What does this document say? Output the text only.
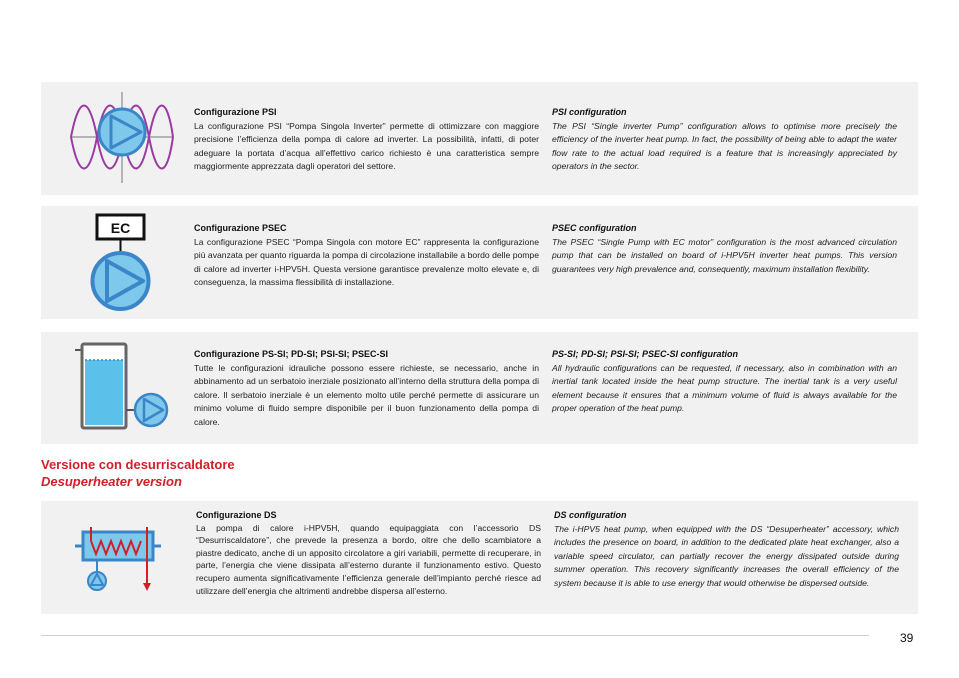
Configurazione PSI
La configurazione PSI “Pompa Singola Inverter” permette di ottimizzare con maggiore precisione l’efficienza della pompa di calore ad inverter. La possibilità, infatti, di poter adeguare la portata d’acqua all’effettivo carico richiesto è una caratteristica sempre maggiormente apprezzata dagli operatori del settore.
PSI configuration
The PSI “Single inverter Pump” configuration allows to optimise more precisely the efficiency of the inverter heat pump. In fact, the possibility of being able to adapt the water flow rate to the actual load required is a feature that is increasingly appreciated by operators in the sector.
EC	Configurazione PSEC
La configurazione PSEC “Pompa Singola con motore EC” rappresenta la configurazione più avanzata per quanto riguarda la pompa di circolazione installabile a bordo delle pompe di calore ad inverter i-HPV5H. Questa versione garantisce prevalenze molto elevate e, di conseguenza, la massima flessibilità di installazione.
PSEC configuration
The PSEC “Single Pump with EC motor” configuration is the most advanced circulation pump that can be installed on board of i-HPV5H inverter heat pumps. This version guarantees very high prevalence and, consequently, maximum installation flexibility.
Configurazione PS-SI; PD-SI; PSI-SI; PSEC-SI
Tutte le configurazioni idrauliche possono essere richieste, se necessario, anche in abbinamento ad un serbatoio inerziale posizionato all’interno della struttura della pompa di calore. Il serbatoio inerziale è un elemento molto utile perché permette di assicurare un minimo volume di fluido sempre disponibile per il buon funzionamento della pompa di calore.
PS-SI; PD-SI; PSI-SI; PSEC-SI configuration
All hydraulic configurations can be requested, if necessary, also in combination with an inertial tank located inside the heat pump structure. The inertial tank is a very useful element because it ensures that a minimum volume of fluid is always available for the proper operation of the heat pump.
Versione con desurriscaldatore
Desuperheater version
Configurazione DS
La pompa di calore i-HPV5H, quando equipaggiata con l’accessorio DS “Desurriscaldatore”, che prevede la presenza a bordo, oltre che dello scambiatore a piastre dedicato, anche di un apposito circolatore a giri variabili, permette di recuperare, in parte, l’energia che viene dissipata all’esterno durante il funzionamento estivo. Questo recupero aumenta significativamente l’efficienza generale dell’impianto perché riesce ad utilizzare dell’energia che altrimenti andrebbe dispersa all’esterno.
DS configuration
The i-HPV5 heat pump, when equipped with the DS “Desuperheater” accessory, which includes the presence on board, in addition to the dedicated plate heat exchanger, also a variable speed circulator, can partially recover the energy dissipated outside during summer operation. This recovery significantly increases the overall efficiency of the system because it is able to use energy that would otherwise be dispersed outside.
39
